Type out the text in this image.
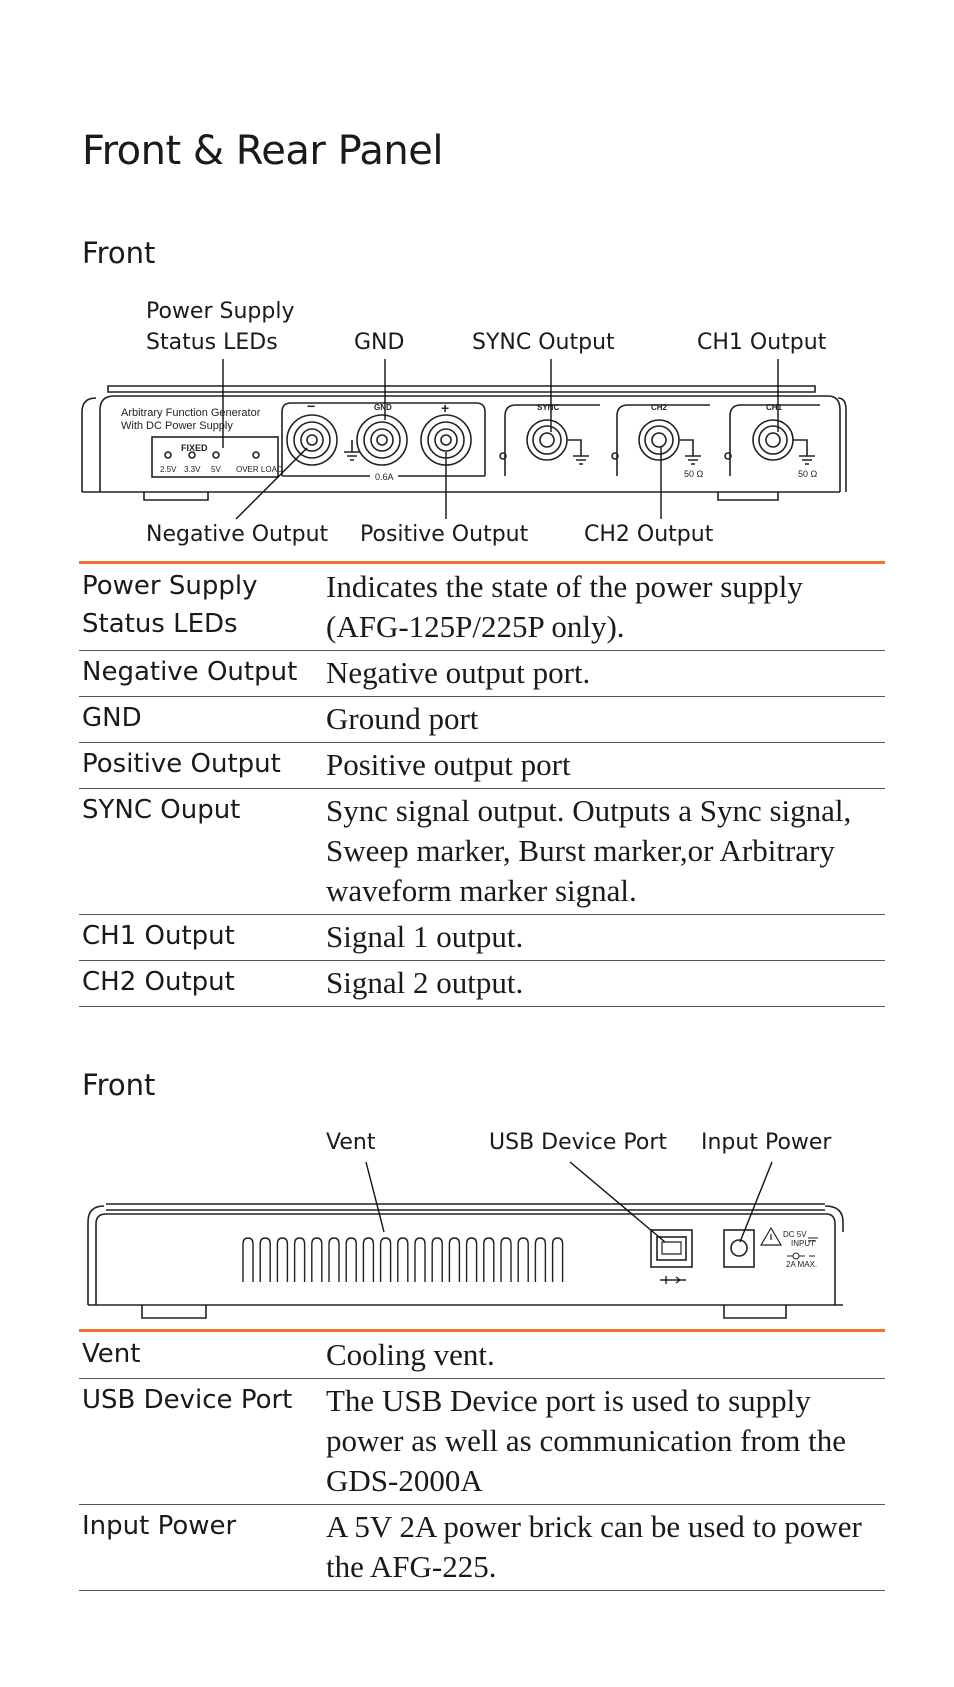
Front & Rear Panel
Front
Power Supply
Status LEDs	GND	SYNC Output	CH1 Output
Negative Output Positive Output	CH2 Output
Arbitrary Function Generator
With DC Power Supply
FIXED
2.5V 3.3V 5V OVER LOAD
−	+
GND
0.6A
SYNC	CH2	CH1
50 Ω	50 Ω
Power Supply
Status LEDs	Indicates the state of the power supply (AFG-125P/225P only).
Negative Output	Negative output port.
GND	Ground port
Positive Output	Positive output port
SYNC Ouput	Sync signal output. Outputs a Sync signal, Sweep marker, Burst marker,or Arbitrary waveform marker signal.
CH1 Output	Signal 1 output.
CH2 Output	Signal 2 output.
Front
Vent	USB Device Port Input Power
DC 5V
INPUT
2A MAX.
Vent	Cooling vent.
USB Device Port	The USB Device port is used to supply power as well as communication from the GDS-2000A
Input Power	A 5V 2A power brick can be used to power the AFG-225.
